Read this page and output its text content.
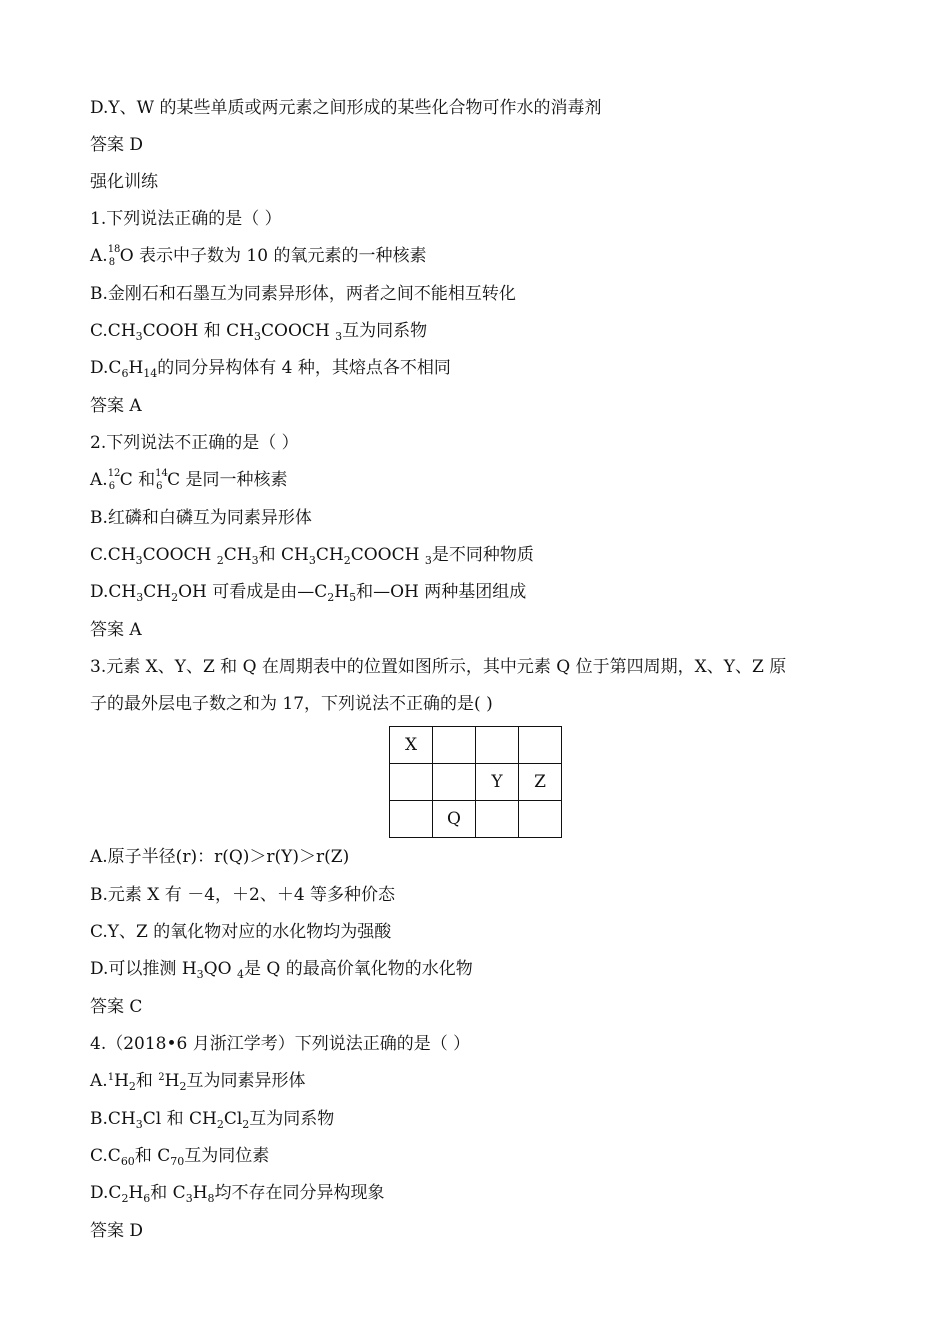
D.Y、W 的某些单质或两元素之间形成的某些化合物可作水的消毒剂
答案 D
强化训练
1.下列说法正确的是（ ）
A. 18
8 O 表示中子数为 10 的氧元素的一种核素
B.金刚石和石墨互为同素异形体，两者之间不能相互转化
$C.CH_3COOH$ 和 $CH_3COOCH$ $_3$互为同系物
$D.C_6H_{14}$的同分异构体有 4 种，其熔点各不相同
答案 A
2.下列说法不正确的是（ ）
A. 12
6 C 和 14
6 C 是同一种核素
B.红磷和白磷互为同素异形体
$C.CH_3COOCH$ $_2CH_3$和 $CH_3CH_2COOCH$ $_3$是不同种物质
$D.CH_3CH_2OH$ 可看成是由$—C_2H_5$和—OH 两种基团组成
答案 A
3.元素 X、Y、Z 和 Q 在周期表中的位置如图所示，其中元素 Q 位于第四周期，X、Y、Z 原
子的最外层电子数之和为 17，下列说法不正确的是( )
X			
		Y	Z
	Q		
A.原子半径(r)：r(Q)＞r(Y)＞r(Z)
B.元素 X 有 －4，＋2、＋4 等多种价态
C.Y、Z 的氧化物对应的水化物均为强酸
D.可以推测 $H_3QO$ $_4$是 Q 的最高价氧化物的水化物
答案 C
4.（2018•6 月浙江学考）下列说法正确的是（ ）
$A.^1H_2$和 $^2H_2$互为同素异形体
$B.CH_3Cl$ 和 $CH_2Cl_2$互为同系物
$C.C_{60}$和 $C_{70}$互为同位素
$D.C_2H_6$和 $C_3H_8$均不存在同分异构现象
答案 D
